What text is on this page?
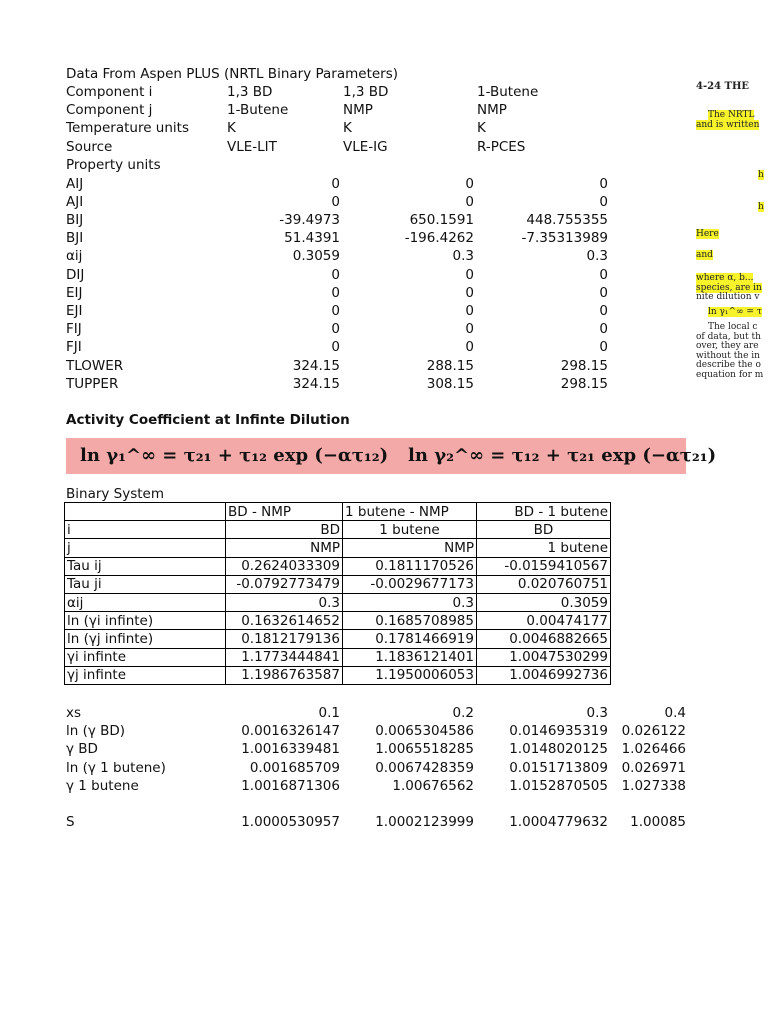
Data From Aspen PLUS (NRTL Binary Parameters)
Component i	1,3 BD	1,3 BD	1-Butene
Component j	1-Butene	NMP	NMP
Temperature units	K	K	K
Source	VLE-LIT	VLE-IG	R-PCES
Property units
AIJ	0	0	0
AJI	0	0	0
BIJ	-39.4973	650.1591	448.755355
BJI	51.4391	-196.4262	-7.35313989
αij	0.3059	0.3	0.3
DIJ	0	0	0
EIJ	0	0	0
EJI	0	0	0
FIJ	0	0	0
FJI	0	0	0
TLOWER	324.15	288.15	298.15
TUPPER	324.15	308.15	298.15
Activity Coefficient at Infinte Dilution
Binary System
xs	0.1	0.2	0.3	0.4
ln (γ BD)	0.0016326147	0.0065304586	0.0146935319 0.026122
γ BD	1.0016339481	1.0065518285	1.0148020125 1.026466
ln (γ 1 butene)	0.001685709	0.0067428359	0.0151713809 0.026971
γ 1 butene	1.0016871306	1.00676562	1.0152870505 1.027338
S	1.0000530957	1.0002123999	1.0004779632 1.00085
4-24 THE
The NRTL
and is written
h
h
Here
and
where α, b...
species, are in
nite dilution v
ln γ₁^∞ = τ
The local c
of data, but th
over, they are
without the in
describe the o
equation for m
ln γ₁^∞ = τ₂₁ + τ₁₂ exp (−ατ₁₂) ln γ₂^∞ = τ₁₂ + τ₂₁ exp (−ατ₂₁)
	BD - NMP	1 butene - NMP	BD - 1 butene
i	BD	1 butene	BD
j	NMP	NMP	1 butene
Tau ij	0.2624033309	0.1811170526	-0.0159410567
Tau ji	-0.0792773479	-0.0029677173	0.020760751
αij	0.3	0.3	0.3059
ln (γi infinte)	0.1632614652	0.1685708985	0.00474177
ln (γj infinte)	0.1812179136	0.1781466919	0.0046882665
γi infinte	1.1773444841	1.1836121401	1.0047530299
γj infinte	1.1986763587	1.1950006053	1.0046992736
